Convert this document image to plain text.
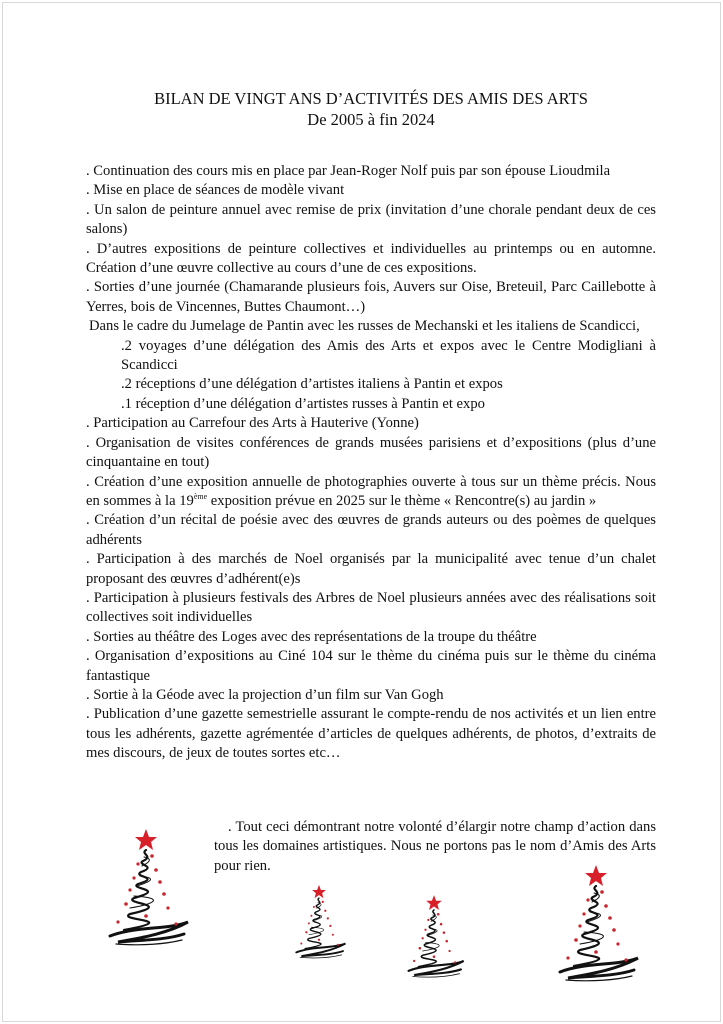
BILAN DE VINGT ANS D’ACTIVITÉS DES AMIS DES ARTS
De 2005 à fin 2024

. Continuation des cours mis en place par Jean-Roger Nolf puis par son épouse Lioudmila

. Mise en place de séances de modèle vivant

. Un salon de peinture annuel avec remise de prix (invitation d’une chorale pendant deux de ces salons)

. D’autres expositions de peinture collectives et individuelles au printemps ou en automne. Création d’une œuvre collective au cours d’une de ces expositions.

. Sorties d’une journée (Chamarande plusieurs fois, Auvers sur Oise, Breteuil, Parc Caillebotte à Yerres, bois de Vincennes, Buttes Chaumont…)

Dans le cadre du Jumelage de Pantin avec les russes de Mechanski et les italiens de Scandicci,

.2 voyages d’une délégation des Amis des Arts et expos avec le Centre Modigliani à Scandicci

.2 réceptions d’une délégation d’artistes italiens à Pantin et expos

.1 réception d’une délégation d’artistes russes à Pantin et expo

. Participation au Carrefour des Arts à Hauterive (Yonne)

. Organisation de visites conférences de grands musées parisiens et d’expositions (plus d’une cinquantaine en tout)

. Création d’une exposition annuelle de photographies ouverte à tous sur un thème précis. Nous en sommes à la 19ème exposition prévue en 2025 sur le thème « Rencontre(s) au jardin »

. Création d’un récital de poésie avec des œuvres de grands auteurs ou des poèmes de quelques adhérents

. Participation à des marchés de Noel organisés par la municipalité avec tenue d’un chalet proposant des œuvres d’adhérent(e)s

. Participation à plusieurs festivals des Arbres de Noel plusieurs années avec des réalisations soit collectives soit individuelles

. Sorties au théâtre des Loges avec des représentations de la troupe du théâtre

. Organisation d’expositions au Ciné 104 sur le thème du cinéma puis sur le thème du cinéma fantastique

. Sortie à la Géode avec la projection d’un film sur Van Gogh

. Publication d’une gazette semestrielle assurant le compte-rendu de nos activités et un lien entre tous les adhérents, gazette agrémentée d’articles de quelques adhérents, de photos, d’extraits de mes discours, de jeux de toutes sortes etc…

. Tout ceci démontrant notre volonté d’élargir notre champ d’action dans tous les domaines artistiques. Nous ne portons pas le nom d’Amis des Arts pour rien.
